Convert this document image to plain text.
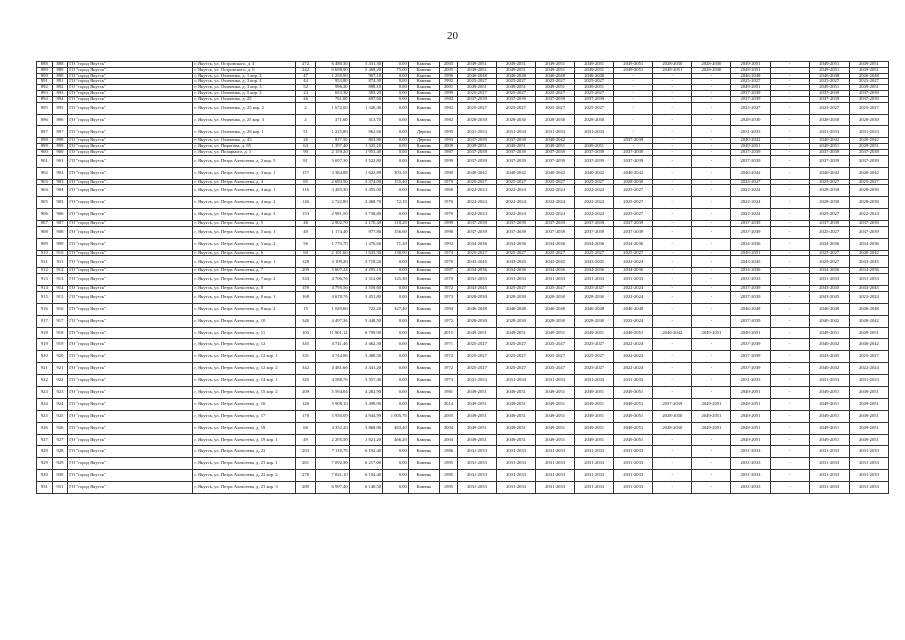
20
888	888	ГО "город Якутск"	г. Якутск, ул. Островского, д. 4	272	6 480,30	5 431,30	0,00	Камень	2005	2049-2051	2049-2051	2049-2051	2049-2051	2049-2051	2028-2030	2028-2030	2049-2051	-	2049-2051	2049-2051
889	889	ГО "город Якутск"	г. Якутск, ул. Островского, д. 6	242	6 698,90	5 468,20	75,00	Камень	2005	2049-2051	2049-2051	2049-2051	2049-2051	2049-2051	2049-2051	2028-2030	2049-2051	-	2049-2051	2049-2051
890	890	ГО "город Якутск"	г. Якутск, ул. Очиченко, д. 1 кор. 2	47	1 250,90	967,10	0,00	Камень	1996	2046-2048	2046-2048	2046-2048	2046-2048	-	-	-	2046-2048	-	2046-2048	2046-2048
891	891	ГО "город Якутск"	г. Якутск, ул. Очиченко, д. 3 кор. 4	44	953,80	874,30	0,00	Камень	1992	2025-2027	2025-2027	2025-2027	2025-2027	-	-	-	2025-2027	-	2025-2027	2025-2027
892	892	ГО "город Якутск"	г. Якутск, ул. Очиченко, д. 3 кор. 3	52	996,20	898,10	0,00	Камень	2001	2049-2051	2049-2051	2049-2051	2049-2051	-	-	-	2049-2051	-	2049-2051	2049-2051
893	893	ГО "город Якутск"	г. Якутск, ул. Очиченко, д. 5 кор. 3	24	653,30	583,20	0,00	Камень	1999	2025-2027	2025-2027	2025-2027	2025-2027	-	-	-	2037-2039	-	2037-2039	2037-2039
894	894	ГО "город Якутск"	г. Якутск, ул. Очиченко, д. 25	26	761,00	697,60	0,00	Камень	1982	2037-2039	2037-2039	2037-2039	2037-2039	-	-	-	2037-2039	-	2037-2039	2037-2039
895	895	ГО "город Якутск"	г. Якутск, ул. Очиченко, д. 25 кор. 2	2	1 672,00	1 326,40	0,00	Камень	1982	2025-2027	2025-2027	2025-2027	2025-2027	-	-	-	2025-2027	-	2025-2027	2025-2027
896	896	ГО "город Якутск"	г. Якутск, ул. Очиченко, д. 25 кор. 3	2	371,60	313,70	0,00	Камень	1982	2028-2030	2028-2030	2028-2030	2028-2030	-	-	-	2028-2030	-	2028-2030	2028-2030
897	897	ГО "город Якутск"	г. Якутск, ул. Очиченко, д. 28 кор. 1	51	1 225,80	962,60	0,00	Дерево	1995	2031-2033	2031-2033	2031-2033	2031-2033	-	-	-	2031-2033	-	2031-2033	2031-2033
898	898	ГО "город Якутск"	г. Якутск, ул. Очиченко, д. 43	26	817,50	803,80	0,00	Дерево	1993	2037-2039	2037-2039	2040-2042	-	2037-2039	-	-	2040-2042	-	2040-2042	2040-2042
899	899	ГО "город Якутск"	г. Якутск, ул. Пирогова, д. 65	64	1 397,40	1 325,10	0,00	Камень	2009	2049-2051	2049-2051	2049-2051	2049-2051	-	-	-	2049-2051	-	2049-2051	2049-2051
900	900	ГО "город Якутск"	г. Якутск, ул. Полярного, д. 1	90	2 159,20	1 953,40	0,00	Камень	1987	2037-2039	2037-2039	2037-2039	2037-2039	2037-2039	-	-	2037-2039	-	2037-2039	2037-2039
901	901	ГО "город Якутск"	г. Якутск, ул. Петра Алексеева, д. 2 кор. 5	81	3 697,30	3 522,80	0,00	Камень	1999	2037-2039	2037-2039	2037-2039	2037-2039	2037-2039	-	-	2037-2039	-	2037-2039	2037-2039
902	902	ГО "город Якутск"	г. Якутск, ул. Петра Алексеева, д. 3 кор. 1	157	3 384,88	1 622,89	303,10	Камень	1990	2040-2042	2040-2042	2040-2042	2040-2042	2040-2042	-	-	2040-2042	-	2040-2042	2040-2042
903	903	ГО "город Якутск"	г. Якутск, ул. Петра Алексеева, д. 4	85	2 693,50	2 374,00	155,40	Камень	1979	2025-2027	2025-2027	2025-2027	2025-2027	2028-2030	-	-	2025-2027	-	2025-2027	2025-2027
904	904	ГО "город Якутск"	г. Якутск, ул. Петра Алексеева, д. 4 кор. 1	116	3 485,30	2 455,00	0,00	Камень	1968	2022-2024	2022-2024	2022-2024	2022-2024	2025-2027	-	-	2022-2024	-	2028-2030	2028-2030
905	905	ГО "город Якутск"	г. Якутск, ул. Петра Алексеева, д. 4 кор. 2	146	2 722,80	2 468,70	72,10	Камень	1970	2022-2024	2022-2024	2022-2024	2022-2024	2025-2027	-	-	2022-2024	-	2028-2030	2028-2030
906	906	ГО "город Якутск"	г. Якутск, ул. Петра Алексеева, д. 4 кор. 3	153	2 981,50	2 738,80	0,00	Камень	1970	2022-2024	2022-2024	2022-2024	2022-2024	2025-2027	-	-	2022-2024	-	2025-2027	2022-2024
907	907	ГО "город Якутск"	г. Якутск, ул. Петра Алексеева, д. 5	48	2 902,70	2 170,40	118,20	Камень	1999	2037-2039	2037-2039	2037-2039	2037-2039	2037-2039	-	-	2037-2039	-	2037-2039	2037-2039
908	908	ГО "город Якутск"	г. Якутск, ул. Петра Алексеева, д. 5 кор. 1	40	1 174,40	977,80	156,60	Камень	1998	2037-2039	2037-2039	2037-2039	2037-2039	2037-2039	-	-	2037-2039	-	2025-2027	2037-2039
909	909	ГО "город Якутск"	г. Якутск, ул. Петра Алексеева, д. 5 кор. 2	56	1 770,70	1 476,60	71,20	Камень	1992	2034-2036	2034-2036	2034-2036	2034-2036	2034-2036	-	-	2034-2036	-	2034-2036	2034-2036
910	910	ГО "город Якутск"	г. Якутск, ул. Петра Алексеева, д. 6	60	2 101,60	1 643,30	138,90	Камень	1974	2025-2027	2025-2027	2025-2027	2025-2027	2025-2027	-	-	2049-2051	-	2025-2027	2040-2042
911	911	ГО "город Якутск"	г. Якутск, ул. Петра Алексеева, д. 6 кор. 1	128	3 109,20	2 718,20	0,00	Камень	1970	2043-2045	2043-2045	2043-2045	2043-2045	2022-2024	-	-	2043-2045	-	2025-2027	2043-2045
912	912	ГО "город Якутск"	г. Якутск, ул. Петра Алексеева, д. 7	209	5 607,24	4 295,10	0,00	Камень	1987	2034-2036	2034-2036	2034-2036	2034-2036	2034-2036	-	-	2034-2036	-	2034-2036	2034-2036
913	913	ГО "город Якутск"	г. Якутск, ул. Петра Алексеева, д. 7 кор. 2	333	4 706,76	3 312,00	125,30	Камень	1979	2031-2033	2031-2033	2031-2033	2031-2033	2031-2033	-	-	2031-2033	-	2031-2033	2031-2033
914	914	ГО "город Якутск"	г. Якутск, ул. Петра Алексеева, д. 8	159	4 795,56	3 559,60	0,00	Камень	1972	2043-2045	2025-2027	2025-2027	2025-2027	2022-2024	-	-	2037-2039	-	2043-2045	2043-2045
915	915	ГО "город Якутск"	г. Якутск, ул. Петра Алексеева, д. 8 кор. 1	168	4 678,76	3 451,80	0,00	Камень	1973	2028-2030	2028-2030	2028-2030	2028-2030	2022-2024	-	-	2037-2039	-	2043-2045	2022-2024
916	916	ГО "город Якутск"	г. Якутск, ул. Петра Алексеева, д. 8 кор. 2	19	1 049,60	722,20	327,40	Камень	1994	2046-2048	2046-2048	2046-2048	2046-2048	2046-2048	-	-	2046-2048	-	2046-2048	2046-2048
917	917	ГО "город Якутск"	г. Якутск, ул. Петра Алексеева, д. 10	340	4 497,36	3 448,50	0,00	Камень	1972	2028-2030	2028-2030	2028-2030	2028-2030	2022-2024	-	-	2037-2039	-	2040-2042	2040-2042
918	918	ГО "город Якутск"	г. Якутск, ул. Петра Алексеева, д. 11	105	11 801,12	6 799,90	0,00	Камень	2015	2049-2051	2049-2051	2049-2051	2049-2051	2049-2051	2040-2042	2049-2051	2049-2051	-	2049-2051	2049-2051
919	919	ГО "город Якутск"	г. Якутск, ул. Петра Алексеева, д. 12	345	4 741,46	3 462,30	0,00	Камень	1971	2025-2027	2025-2027	2025-2027	2025-2027	2022-2024	-	-	2037-2039	-	2040-2042	2040-2042
920	920	ГО "город Якутск"	г. Якутск, ул. Петра Алексеева, д. 12 кор. 1	331	4 744,06	3 488,50	0,00	Камень	1972	2025-2027	2025-2027	2025-2027	2025-2027	2022-2024	-	-	2037-2039	-	2043-2045	2025-2027
921	921	ГО "город Якутск"	г. Якутск, ул. Петра Алексеева, д. 12 кор. 2	342	4 481,66	3 441,20	0,00	Камень	1972	2025-2027	2025-2027	2025-2027	2025-2027	2022-2024	-	-	2037-2039	-	2040-2042	2022-2024
922	922	ГО "город Якутск"	г. Якутск, ул. Петра Алексеева, д. 14 кор. 1	345	4 588,76	3 357,40	0,00	Камень	1973	2031-2033	2031-2033	2031-2033	2031-2033	2031-2033	-	-	2031-2033	-	2031-2033	2031-2033
923	923	ГО "город Якутск"	г. Якутск, ул. Петра Алексеева, д. 15 кор. 2	209	5 594,04	4 282,90	0,00	Камень	1981	2049-2051	2049-2051	2049-2051	2049-2051	2049-2051	-	-	2049-2051	-	2049-2051	2049-2051
924	924	ГО "город Якутск"	г. Якутск, ул. Петра Алексеева, д. 16	120	5 908,10	3 498,90	0,00	Камень	2014	2049-2051	2049-2051	2049-2051	2049-2051	2049-2051	2037-2039	2049-2051	2049-2051	-	2049-2051	2049-2051
925	925	ГО "город Якутск"	г. Якутск, ул. Петра Алексеева, д. 17	170	5 950,69	4 944,99	1 005,70	Камень	2005	2049-2051	2049-2051	2049-2051	2049-2051	2049-2051	2028-2030	2049-2051	2049-2051	-	2049-2051	2049-2051
926	926	ГО "город Якутск"	г. Якутск, ул. Петра Алексеева, д. 19	66	4 352,20	3 868,80	483,40	Камень	2004	2049-2051	2049-2051	2049-2051	2049-2051	2049-2051	2028-2030	2049-2051	2049-2051	-	2049-2051	2049-2051
927	927	ГО "город Якутск"	г. Якутск, ул. Петра Алексеева, д. 19 кор. 1	49	2 295,50	1 821,20	466,20	Камень	2004	2049-2051	2049-2051	2049-2051	2049-2051	2049-2051	-	-	2049-2051	-	2049-2051	2049-2051
928	928	ГО "город Якутск"	г. Якутск, ул. Петра Алексеева, д. 21	293	7 118,70	6 192,40	0,00	Камень	1986	2031-2033	2031-2033	2031-2033	2031-2033	2031-2033	-	-	2031-2033	-	2031-2033	2031-2033
929	929	ГО "город Якутск"	г. Якутск, ул. Петра Алексеева, д. 21 кор. 1	281	7 092,30	6 217,00	0,00	Камень	1985	2031-2033	2031-2033	2031-2033	2031-2033	2031-2033	-	-	2031-2033	-	2031-2033	2031-2033
930	930	ГО "город Якутск"	г. Якутск, ул. Петра Алексеева, д. 21 кор. 2	276	7 021,10	6 104,40	0,00	Камень	1985	2031-2033	2031-2033	2031-2033	2031-2033	2031-2033	-	-	2031-2033	-	2031-2033	2031-2033
931	931	ГО "город Якутск"	г. Якутск, ул. Петра Алексеева, д. 21 кор. 3	289	6 997,40	6 140,50	0,00	Камень	1985	2031-2033	2031-2033	2031-2033	2031-2033	2031-2033	-	-	2031-2033	-	2031-2033	2031-2033
